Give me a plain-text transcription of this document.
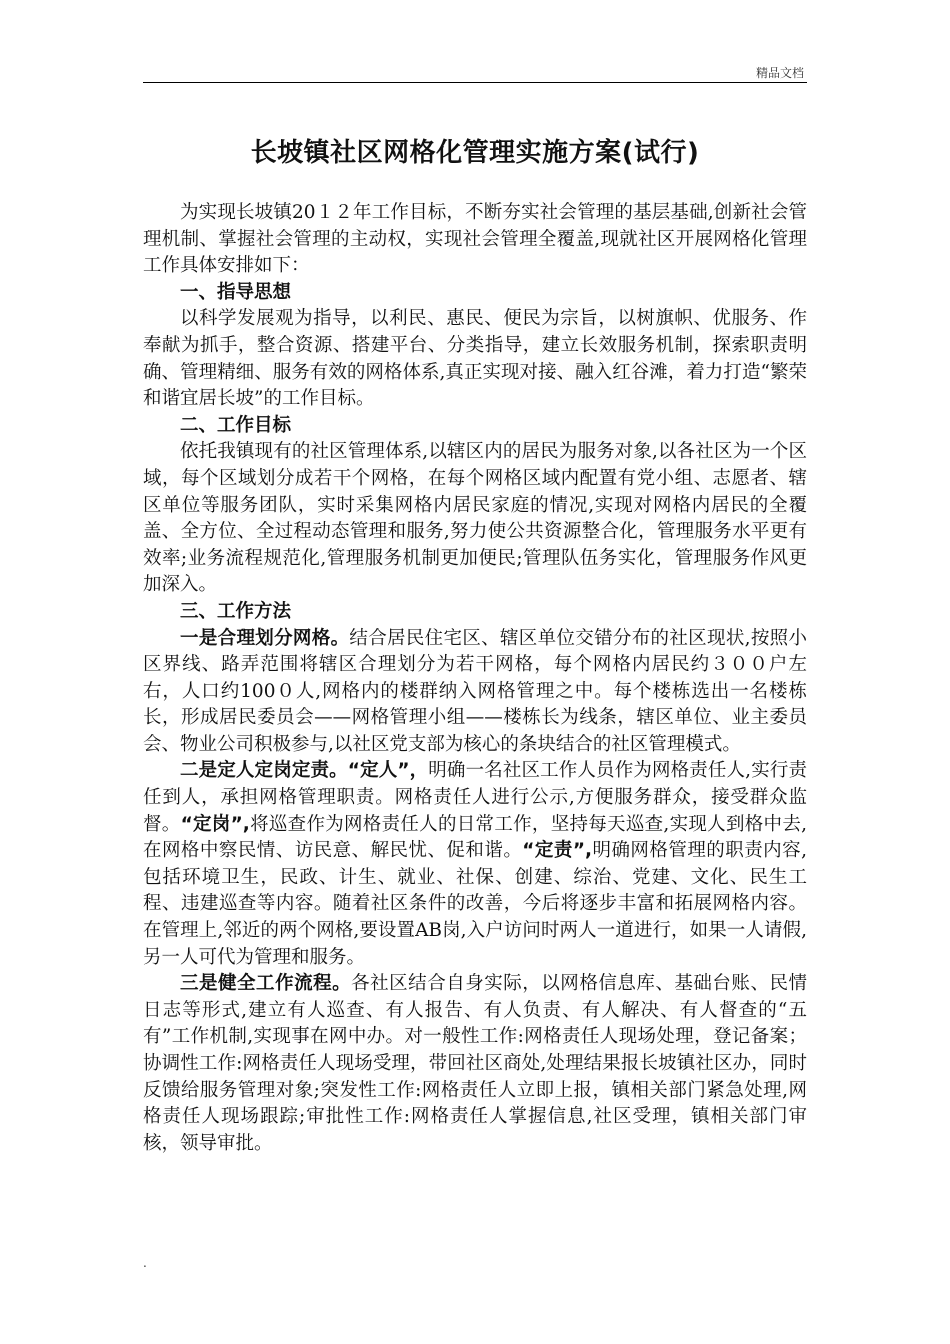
精品文档
长坡镇社区网格化管理实施方案(试行)

为实现长坡镇20１２年工作目标，不断夯实社会管理的基层基础,创新社会管理机制、掌握社会管理的主动权，实现社会管理全覆盖,现就社区开展网格化管理工作具体安排如下：

一、指导思想

以科学发展观为指导，以利民、惠民、便民为宗旨，以树旗帜、优服务、作奉献为抓手，整合资源、搭建平台、分类指导，建立长效服务机制，探索职责明确、管理精细、服务有效的网格体系,真正实现对接、融入红谷滩，着力打造“繁荣和谐宜居长坡”的工作目标。

二、工作目标

依托我镇现有的社区管理体系,以辖区内的居民为服务对象,以各社区为一个区域，每个区域划分成若干个网格，在每个网格区域内配置有党小组、志愿者、辖区单位等服务团队，实时采集网格内居民家庭的情况,实现对网格内居民的全覆盖、全方位、全过程动态管理和服务,努力使公共资源整合化，管理服务水平更有效率;业务流程规范化,管理服务机制更加便民;管理队伍务实化，管理服务作风更加深入。

三、工作方法

一是合理划分网格。结合居民住宅区、辖区单位交错分布的社区现状,按照小区界线、路弄范围将辖区合理划分为若干网格，每个网格内居民约３００户左右，人口约100０人,网格内的楼群纳入网格管理之中。每个楼栋选出一名楼栋长，形成居民委员会——网格管理小组——楼栋长为线条，辖区单位、业主委员会、物业公司积极参与,以社区党支部为核心的条块结合的社区管理模式。

二是定人定岗定责。“定人”，明确一名社区工作人员作为网格责任人,实行责任到人，承担网格管理职责。网格责任人进行公示,方便服务群众，接受群众监督。“定岗”,将巡查作为网格责任人的日常工作，坚持每天巡查,实现人到格中去,在网格中察民情、访民意、解民忧、促和谐。“定责”,明确网格管理的职责内容,包括环境卫生，民政、计生、就业、社保、创建、综治、党建、文化、民生工程、违建巡查等内容。随着社区条件的改善，今后将逐步丰富和拓展网格内容。在管理上,邻近的两个网格,要设置AB岗,入户访问时两人一道进行，如果一人请假,另一人可代为管理和服务。

三是健全工作流程。各社区结合自身实际，以网格信息库、基础台账、民情日志等形式,建立有人巡查、有人报告、有人负责、有人解决、有人督查的“五有”工作机制,实现事在网中办。对一般性工作:网格责任人现场处理，登记备案；协调性工作:网格责任人现场受理，带回社区商处,处理结果报长坡镇社区办，同时反馈给服务管理对象;突发性工作:网格责任人立即上报，镇相关部门紧急处理,网格责任人现场跟踪;审批性工作:网格责任人掌握信息,社区受理，镇相关部门审核，领导审批。

.
